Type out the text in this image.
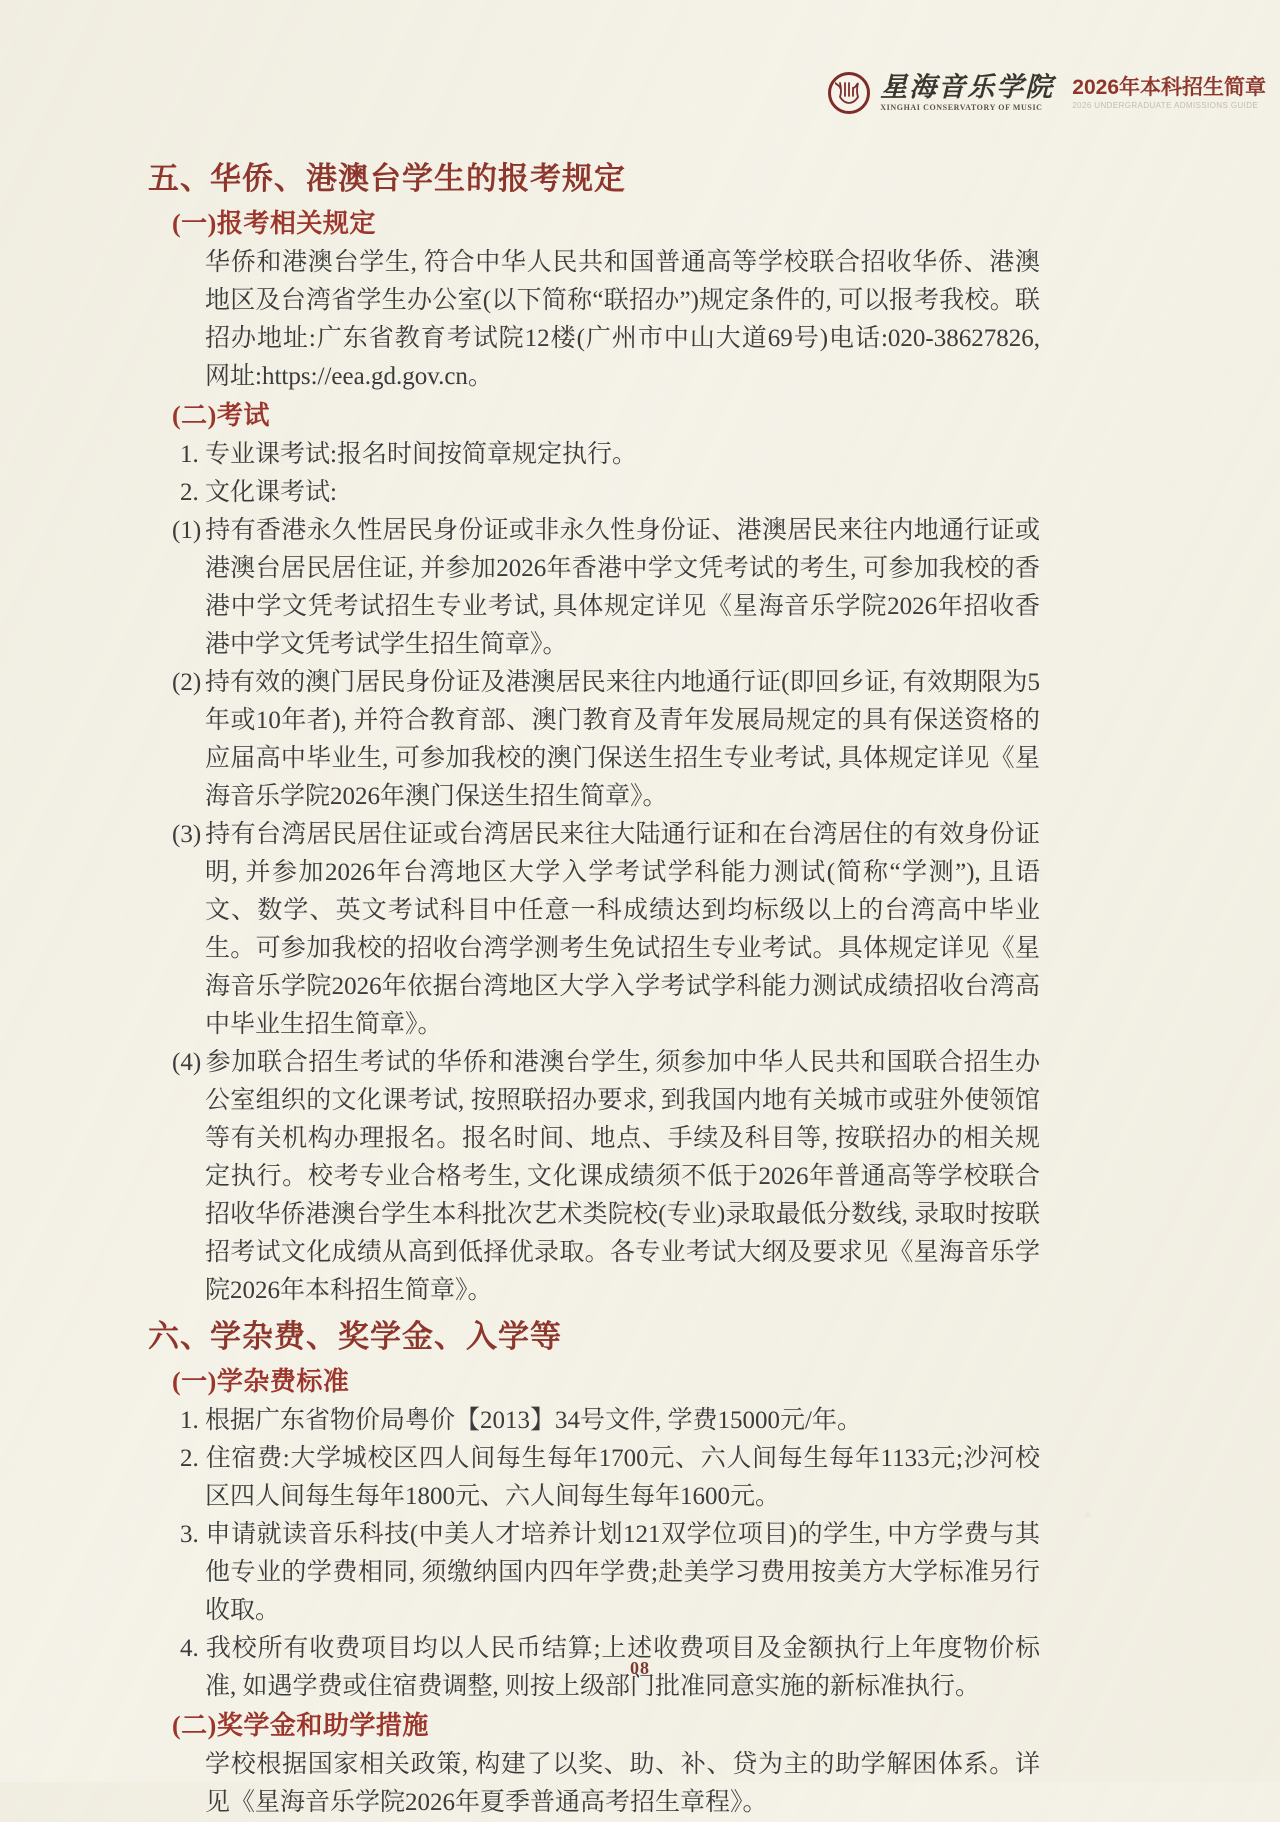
星海音乐学院
XINGHAI CONSERVATORY OF MUSIC
2026年本科招生简章
2026 UNDERGRADUATE ADMISSIONS GUIDE
五、
华侨、港澳台学生的报考规定
(一)报考相关规定
华侨和港澳台学生, 符合中华人民共和国普通高等学校联合招收华侨、港澳地区及台湾省学生办公室(以下简称“联招办”)规定条件的, 可以报考我校。联招办地址:广东省教育考试院12楼(广州市中山大道69号)电话:020-38627826, 网址:https://eea.gd.gov.cn。
(二)考试
1. 专业课考试:报名时间按简章规定执行。
2. 文化课考试:
(1) 持有香港永久性居民身份证或非永久性身份证、港澳居民来往内地通行证或港澳台居民居住证, 并参加2026年香港中学文凭考试的考生, 可参加我校的香港中学文凭考试招生专业考试, 具体规定详见《星海音乐学院2026年招收香港中学文凭考试学生招生简章》。
(2) 持有效的澳门居民身份证及港澳居民来往内地通行证(即回乡证, 有效期限为5年或10年者), 并符合教育部、澳门教育及青年发展局规定的具有保送资格的应届高中毕业生, 可参加我校的澳门保送生招生专业考试, 具体规定详见《星海音乐学院2026年澳门保送生招生简章》。
(3) 持有台湾居民居住证或台湾居民来往大陆通行证和在台湾居住的有效身份证明, 并参加2026年台湾地区大学入学考试学科能力测试(简称“学测”), 且语文、数学、英文考试科目中任意一科成绩达到均标级以上的台湾高中毕业生。可参加我校的招收台湾学测考生免试招生专业考试。具体规定详见《星海音乐学院2026年依据台湾地区大学入学考试学科能力测试成绩招收台湾高中毕业生招生简章》。
(4) 参加联合招生考试的华侨和港澳台学生, 须参加中华人民共和国联合招生办公室组织的文化课考试, 按照联招办要求, 到我国内地有关城市或驻外使领馆等有关机构办理报名。报名时间、地点、手续及科目等, 按联招办的相关规定执行。校考专业合格考生, 文化课成绩须不低于2026年普通高等学校联合招收华侨港澳台学生本科批次艺术类院校(专业)录取最低分数线, 录取时按联招考试文化成绩从高到低择优录取。各专业考试大纲及要求见《星海音乐学院2026年本科招生简章》。
六、
学杂费、奖学金、入学等
(一)学杂费标准
1. 根据广东省物价局粤价【2013】34号文件, 学费15000元/年。
2. 住宿费:大学城校区四人间每生每年1700元、六人间每生每年1133元;沙河校区四人间每生每年1800元、六人间每生每年1600元。
3. 申请就读音乐科技(中美人才培养计划121双学位项目)的学生, 中方学费与其他专业的学费相同, 须缴纳国内四年学费;赴美学习费用按美方大学标准另行收取。
4. 我校所有收费项目均以人民币结算;上述收费项目及金额执行上年度物价标准, 如遇学费或住宿费调整, 则按上级部门批准同意实施的新标准执行。
(二)奖学金和助学措施
学校根据国家相关政策, 构建了以奖、助、补、贷为主的助学解困体系。详见《星海音乐学院2026年夏季普通高考招生章程》。
08
